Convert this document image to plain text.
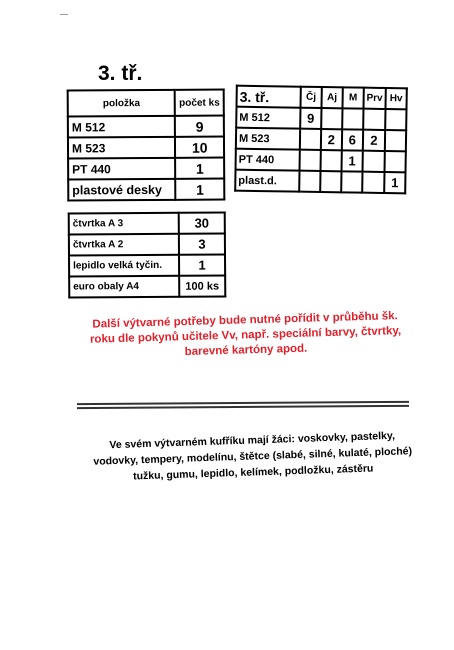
3. tř.
položka	počet ks
M 512	9
M 523	10
PT 440	1
plastové desky	1
3. tř.	Čj	Aj	M	Prv	Hv
M 512	9				
M 523		2	6	2	
PT 440			1		
plast.d.					1
čtvrtka A 3	30
čtvrtka A 2	3
lepidlo velká tyčin.	1
euro obaly A4	100 ks
Další výtvarné potřeby bude nutné pořídit v průběhu šk. roku dle pokynů učitele Vv, např. speciální barvy, čtvrtky, barevné kartóny apod.
Ve svém výtvarném kufříku mají žáci: voskovky, pastelky, vodovky, tempery, modelínu, štětce (slabé, silné, kulaté, ploché) tužku, gumu, lepidlo, kelímek, podložku, zástěru
